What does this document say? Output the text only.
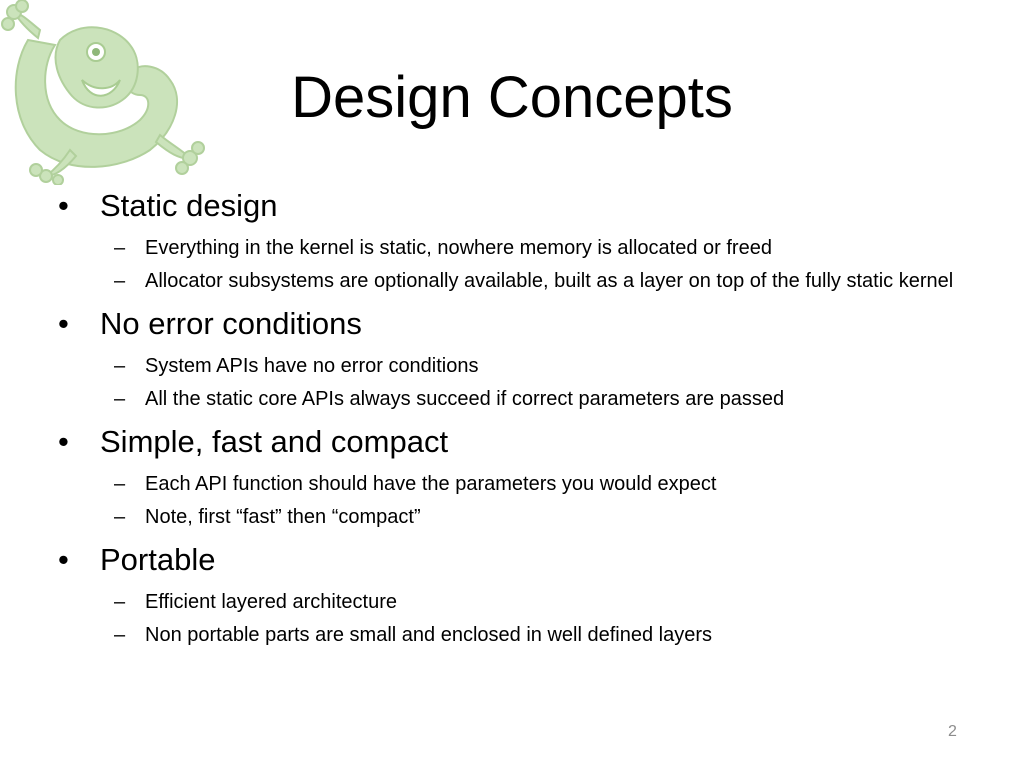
Design Concepts
• Static design
– Everything in the kernel is static, nowhere memory is allocated or freed
– Allocator subsystems are optionally available, built as a layer on top of the fully static kernel
• No error conditions
– System APIs have no error conditions
– All the static core APIs always succeed if correct parameters are passed
• Simple, fast and compact
– Each API function should have the parameters you would expect
– Note, first “fast” then “compact”
• Portable
– Efficient layered architecture
– Non portable parts are small and enclosed in well defined layers
2
